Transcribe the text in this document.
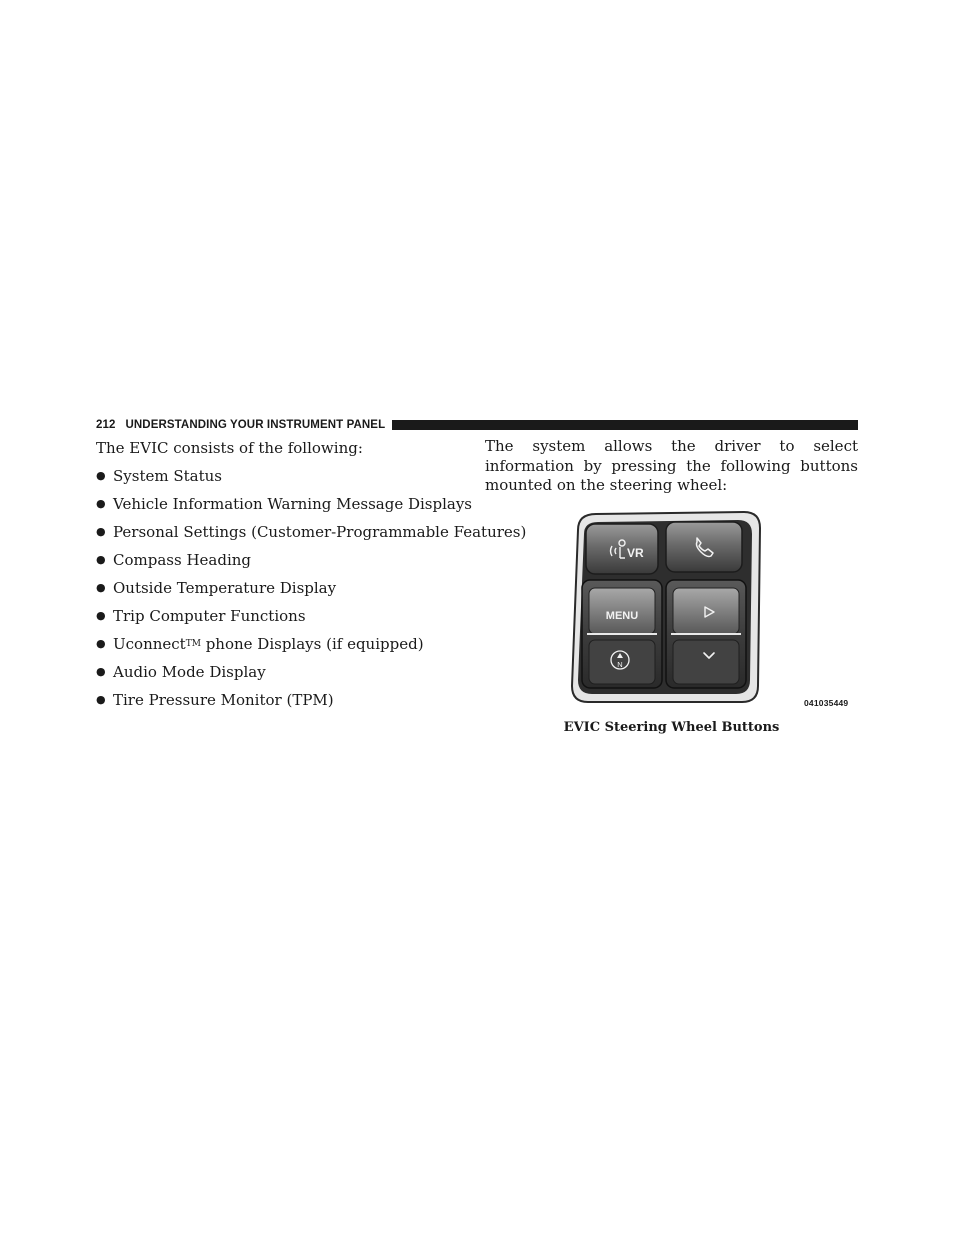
212 UNDERSTANDING YOUR INSTRUMENT PANEL

The EVIC consists of the following:

● System Status
● Vehicle Information Warning Message Displays
● Personal Settings (Customer-Programmable Features)
● Compass Heading
● Outside Temperature Display
● Trip Computer Functions
● Uconnect TM
phone Displays (if equipped)
● Audio Mode Display
● Tire Pressure Monitor (TPM)

The system allows the driver to select information by pressing the following buttons mounted on the steering wheel:

VR
MENU
N
041035449
EVIC Steering Wheel Buttons
